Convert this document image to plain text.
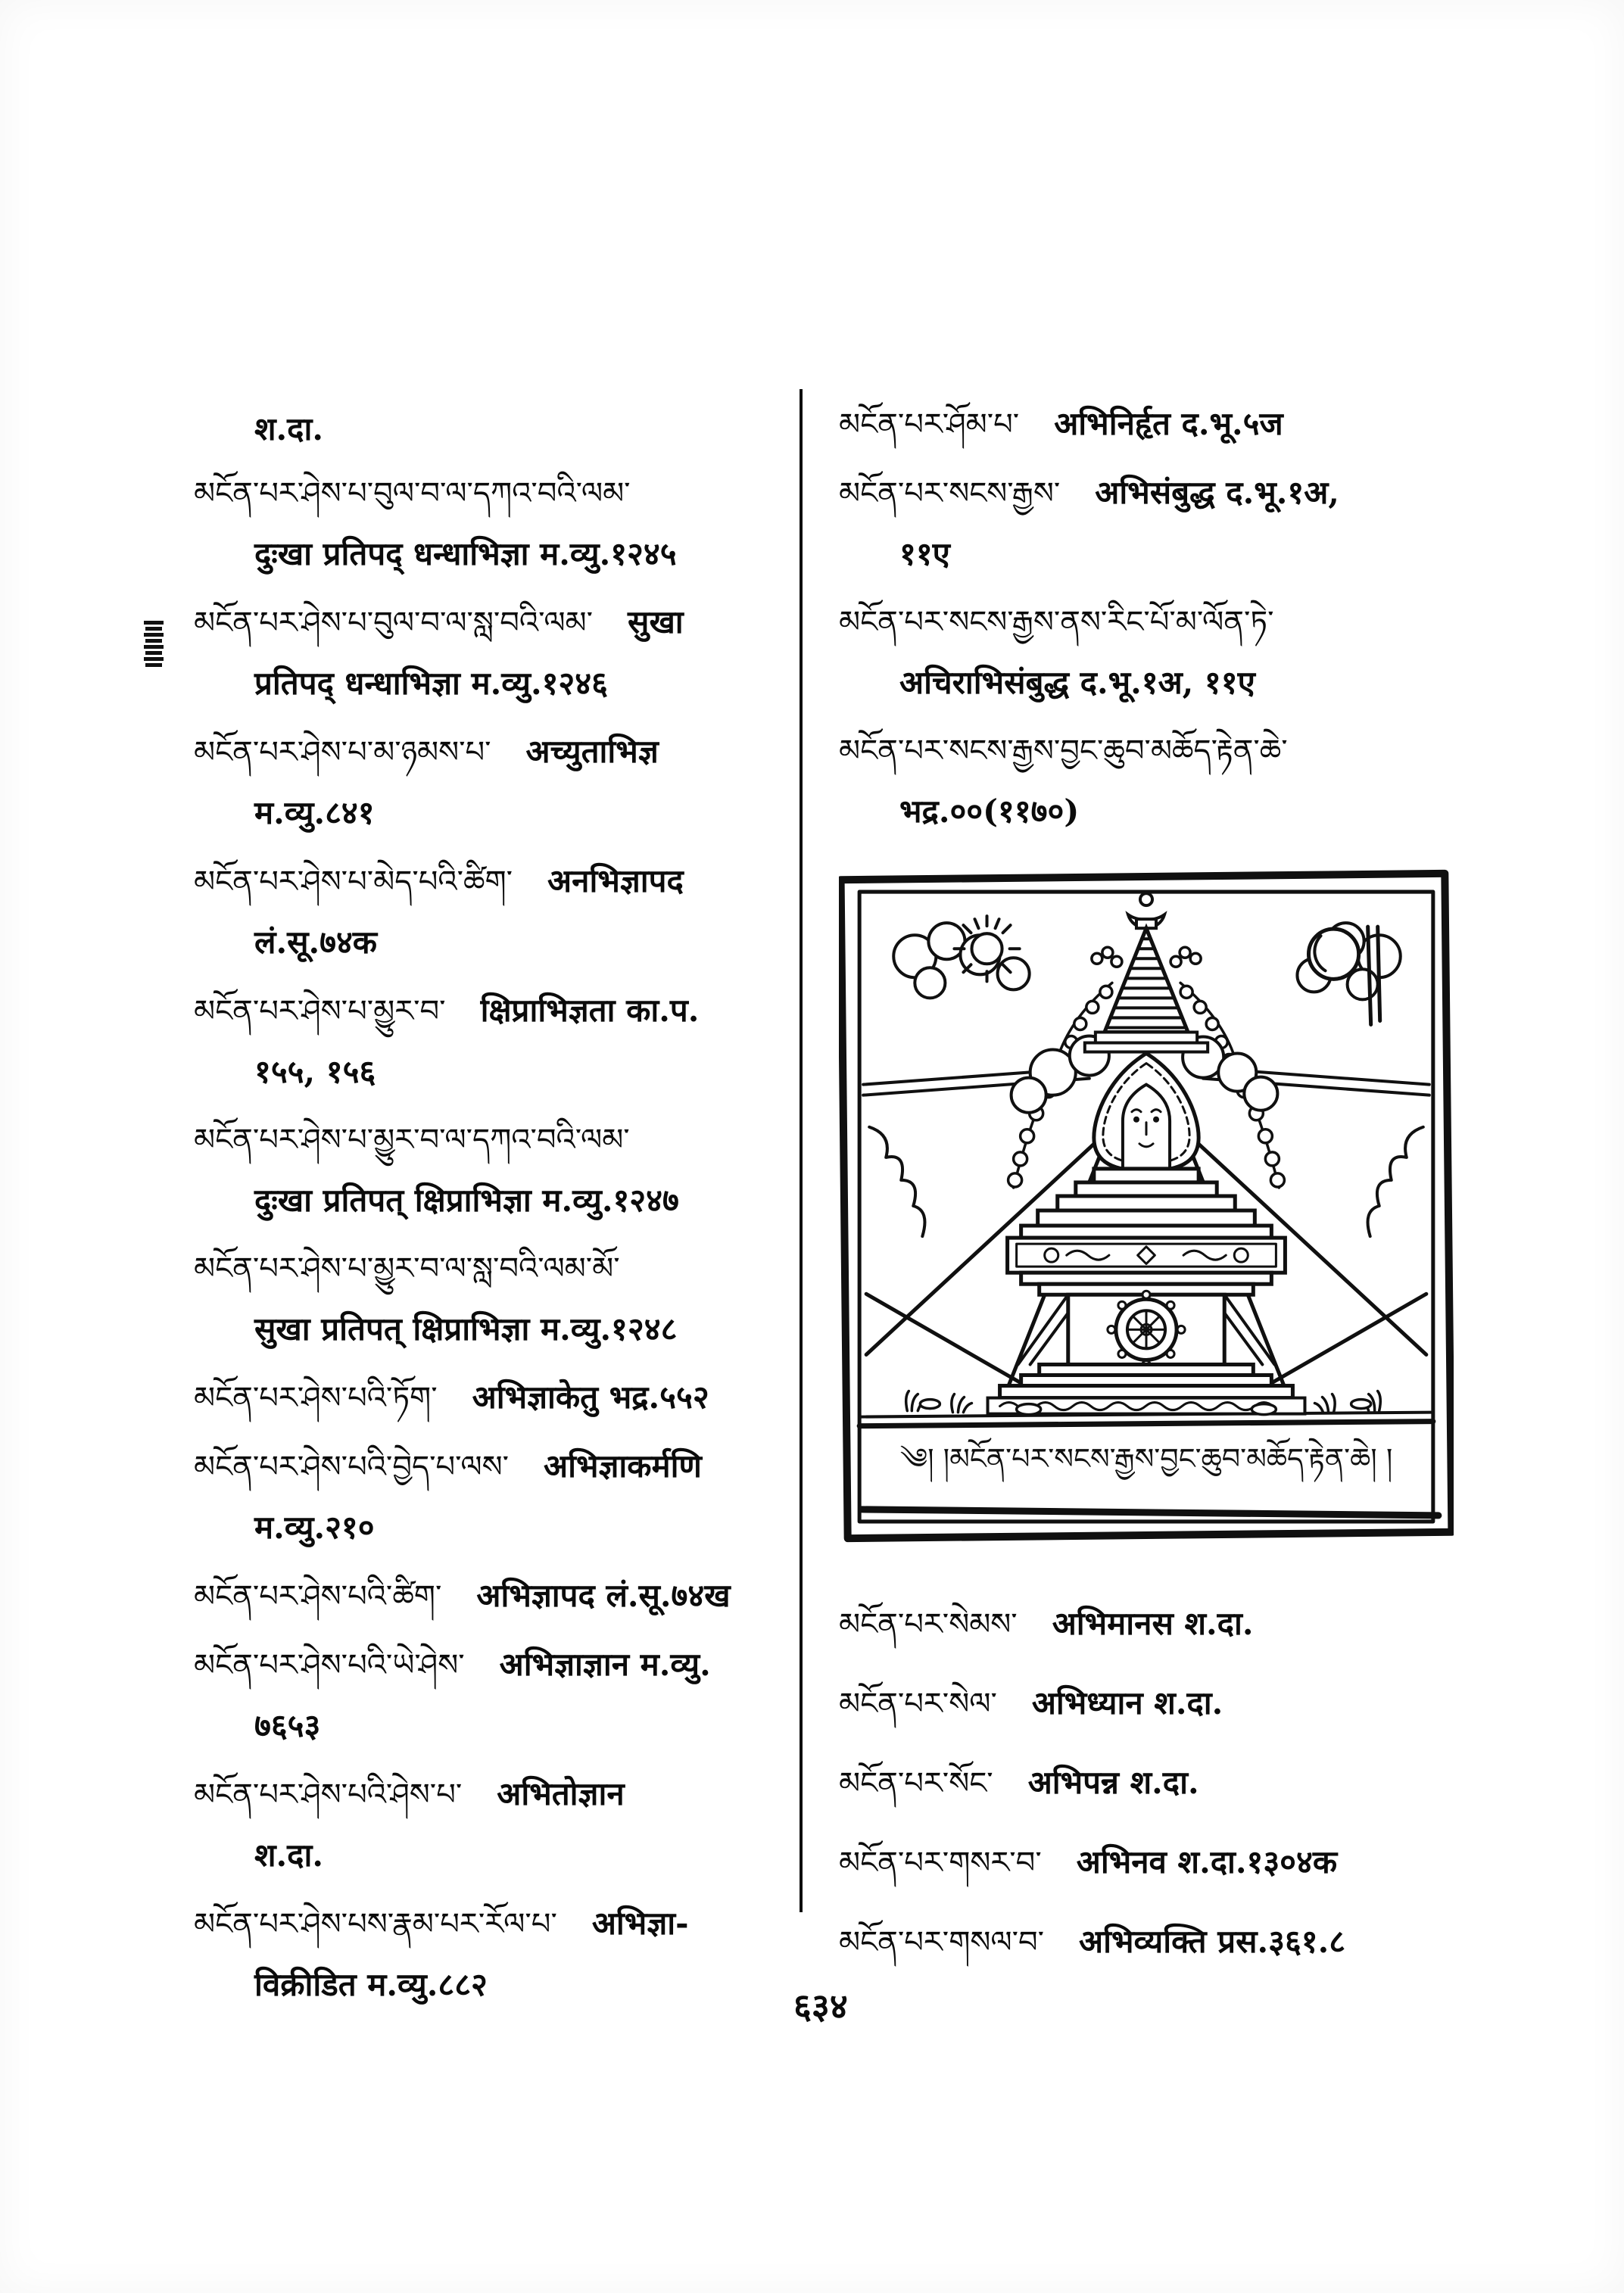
श.दा.
མངོན་པར་ཤེས་པ་བུལ་བ་ལ་དཀའ་བའི་ལམ་
दुःखा प्रतिपद् धन्धाभिज्ञा म.व्यु.१२४५
མངོན་པར་ཤེས་པ་བུལ་བ་ལ་སླ་བའི་ལམ་ सुखा
प्रतिपद् धन्धाभिज्ञा म.व्यु.१२४६
མངོན་པར་ཤེས་པ་མ་ཉམས་པ་ अच्युताभिज्ञ
म.व्यु.८४१
མངོན་པར་ཤེས་པ་མེད་པའི་ཚིག་ अनभिज्ञापद
लं.सू.७४क
མངོན་པར་ཤེས་པ་མྱུར་བ་ क्षिप्राभिज्ञता का.प.
१५५, १५६
མངོན་པར་ཤེས་པ་མྱུར་བ་ལ་དཀའ་བའི་ལམ་
दुःखा प्रतिपत् क्षिप्राभिज्ञा म.व्यु.१२४७
མངོན་པར་ཤེས་པ་མྱུར་བ་ལ་སླ་བའི་ལམ་མོ་
सुखा प्रतिपत् क्षिप्राभिज्ञा म.व्यु.१२४८
མངོན་པར་ཤེས་པའི་ཏོག་ अभिज्ञाकेतु भद्र.५५२
མངོན་པར་ཤེས་པའི་བྱེད་པ་ལས་ अभिज्ञाकर्मणि
म.व्यु.२१०
མངོན་པར་ཤེས་པའི་ཚིག་ अभिज्ञापद लं.सू.७४ख
མངོན་པར་ཤེས་པའི་ཡེ་ཤེས་ अभिज्ञाज्ञान म.व्यु.
७६५३
མངོན་པར་ཤེས་པའི་ཤེས་པ་ अभितोज्ञान
श.दा.
མངོན་པར་ཤེས་པས་རྣམ་པར་རོལ་པ་ अभिज्ञा-
विक्रीडित म.व्यु.८८२
མངོན་པར་ཤོམ་པ་ अभिनिर्हृत द.भू.५ज
མངོན་པར་སངས་རྒྱས་ अभिसंबुद्ध द.भू.१अ,
११ए
མངོན་པར་སངས་རྒྱས་ནས་རིང་པོ་མ་ལོན་ཏེ་
अचिराभिसंबुद्ध द.भू.१अ, ११ए
མངོན་པར་སངས་རྒྱས་བྱང་ཆུབ་མཆོད་རྟེན་ཆེ་
भद्र.००(११७०)
༄། །མངོན་པར་སངས་རྒྱས་བྱང་ཆུབ་མཆོད་རྟེན་ཆེ། །
མངོན་པར་སེམས་ अभिमानस श.दा.
མངོན་པར་སེལ་ अभिध्यान श.दा.
མངོན་པར་སོང་ अभिपन्न श.दा.
མངོན་པར་གསར་བ་ अभिनव श.दा.१३०४क
མངོན་པར་གསལ་བ་ अभिव्यक्ति प्रस.३६१.८
६३४
